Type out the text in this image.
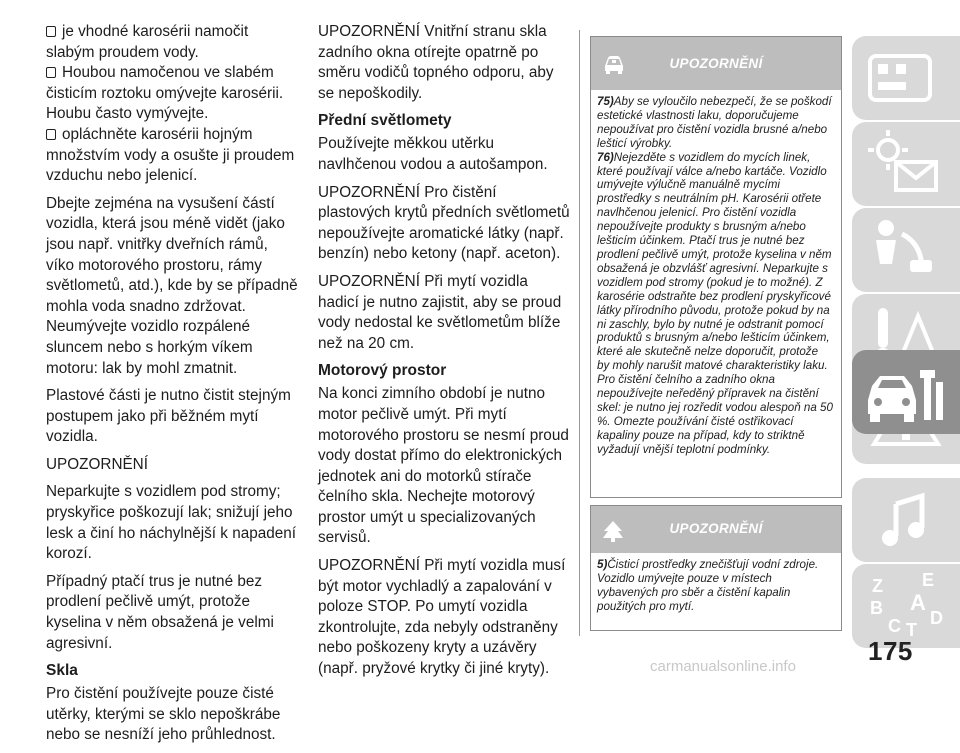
je vhodné karosérii namočit slabým proudem vody.

Houbou namočenou ve slabém čisticím roztoku omývejte karosérii. Houbu často vymývejte.

opláchněte karosérii hojným množstvím vody a osušte ji proudem vzduchu nebo jelenicí.

Dbejte zejména na vysušení částí vozidla, která jsou méně vidět (jako jsou např. vnitřky dveřních rámů, víko motorového prostoru, rámy světlometů, atd.), kde by se případně mohla voda snadno zdržovat. Neumývejte vozidlo rozpálené sluncem nebo s horkým víkem motoru: lak by mohl zmatnit.

Plastové části je nutno čistit stejným postupem jako při běžném mytí vozidla.

UPOZORNĚNÍ

Neparkujte s vozidlem pod stromy; pryskyřice poškozují lak; snižují jeho lesk a činí ho náchylnější k napadení korozí.

Případný ptačí trus je nutné bez prodlení pečlivě umýt, protože kyselina v něm obsažená je velmi agresivní.

Skla

Pro čistění používejte pouze čisté utěrky, kterými se sklo nepoškrábe nebo se nesníží jeho průhlednost.

UPOZORNĚNÍ Vnitřní stranu skla zadního okna otírejte opatrně po směru vodičů topného odporu, aby se nepoškodily.

Přední světlomety

Používejte měkkou utěrku navlhčenou vodou a autošampon.

UPOZORNĚNÍ Pro čistění plastových krytů předních světlometů nepoužívejte aromatické látky (např. benzín) nebo ketony (např. aceton).

UPOZORNĚNÍ Při mytí vozidla hadicí je nutno zajistit, aby se proud vody nedostal ke světlometům blíže než na 20 cm.

Motorový prostor

Na konci zimního období je nutno motor pečlivě umýt. Při mytí motorového prostoru se nesmí proud vody dostat přímo do elektronických jednotek ani do motorků stírače čelního skla. Nechejte motorový prostor umýt u specializovaných servisů.

UPOZORNĚNÍ Při mytí vozidla musí být motor vychladlý a zapalování v poloze STOP. Po umytí vozidla zkontrolujte, zda nebyly odstraněny nebo poškozeny kryty a uzávěry (např. pryžové krytky či jiné kryty).

UPOZORNĚNÍ

75)Aby se vyloučilo nebezpečí, že se poškodí estetické vlastnosti laku, doporučujeme nepoužívat pro čistění vozidla brusné a/nebo lešticí výrobky.

76)Nejezděte s vozidlem do mycích linek, které používají válce a/nebo kartáče. Vozidlo umývejte výlučně manuálně mycími prostředky s neutrálním pH. Karosérii otřete navlhčenou jelenicí. Pro čistění vozidla nepoužívejte produkty s brusným a/nebo lešticím účinkem. Ptačí trus je nutné bez prodlení pečlivě umýt, protože kyselina v něm obsažená je obzvlášť agresivní. Neparkujte s vozidlem pod stromy (pokud je to možné). Z karosérie odstraňte bez prodlení pryskyřicové látky přírodního původu, protože pokud by na ni zaschly, bylo by nutné je odstranit pomocí produktů s brusným a/nebo lešticím účinkem, které ale skutečně nelze doporučit, protože by mohly narušit matové charakteristiky laku. Pro čistění čelního a zadního okna nepoužívejte neředěný přípravek na čistění skel: je nutno jej rozředit vodou alespoň na 50 %. Omezte používání čisté ostřikovací kapaliny pouze na případ, kdy to striktně vyžadují vnější teplotní podmínky.

UPOZORNĚNÍ

5)Čisticí prostředky znečišťují vodní zdroje. Vozidlo umývejte pouze v místech vybavených pro sběr a čistění kapalin použitých pro mytí.

Z E
B A
C T
D
175
carmanualsonline.info
